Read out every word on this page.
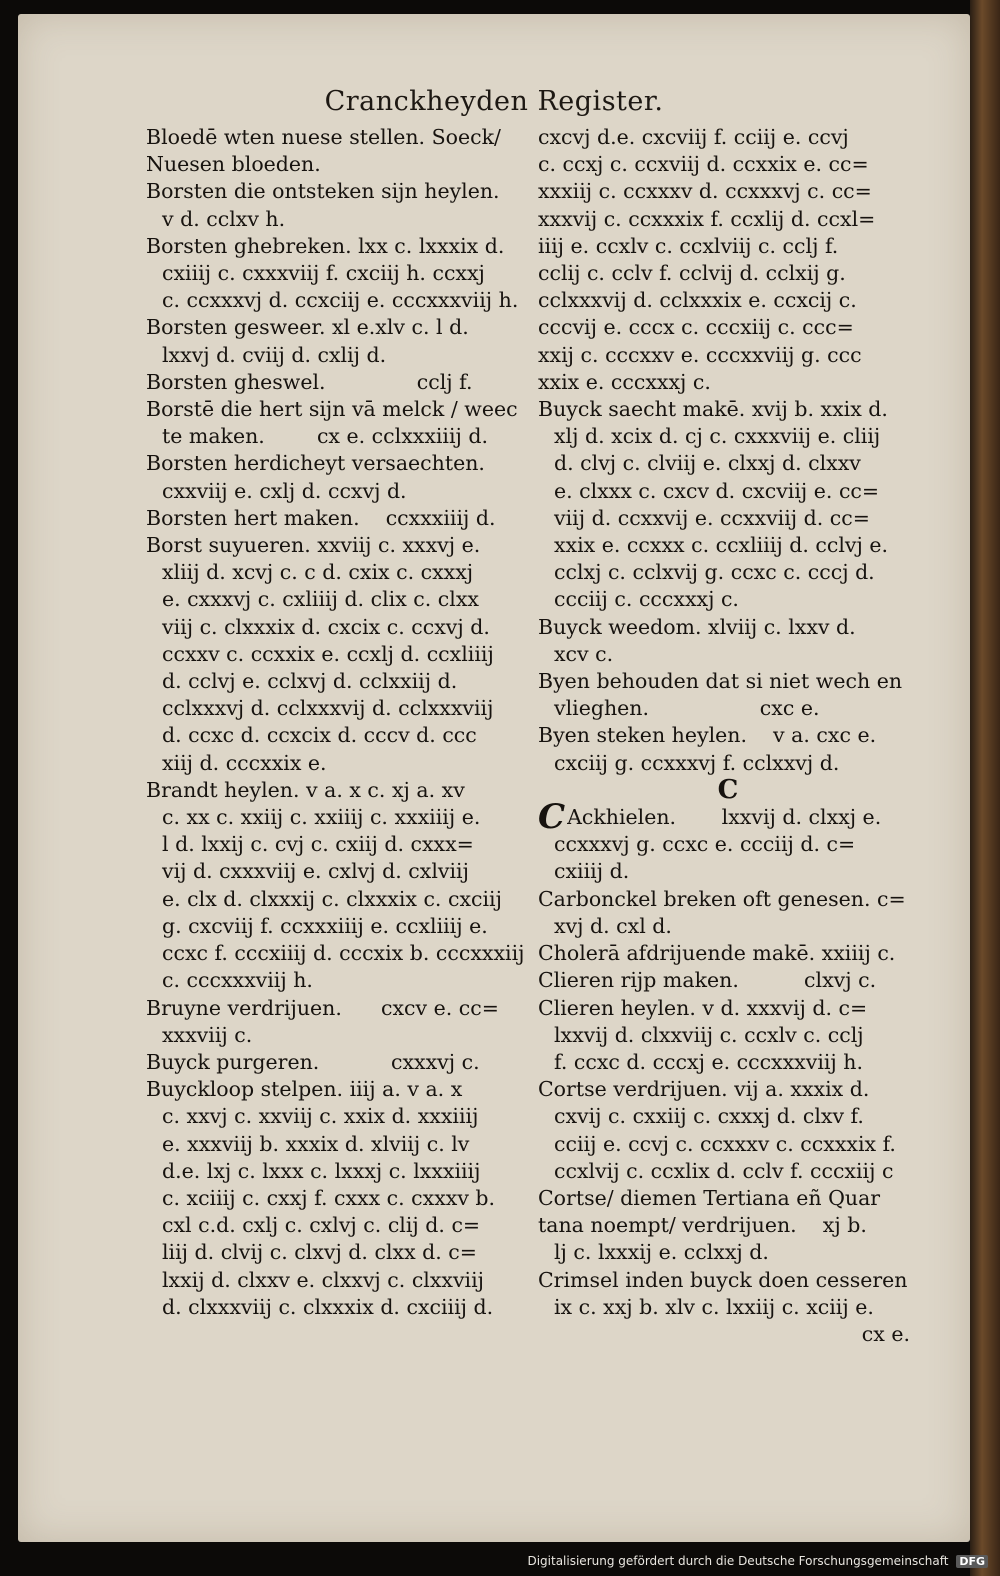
Cranckheyden Register.
Bloedē wten nuese stellen. Soeck/
Nuesen bloeden.
Borsten die ontsteken sijn heylen.
v d. cclxv h.
Borsten ghebreken. lxx c. lxxxix d.
cxiiij c. cxxxviij f. cxciij h. ccxxj
c. ccxxxvj d. ccxciij e. cccxxxviij h.
Borsten gesweer. xl e.xlv c. l d.
lxxvj d. cviij d. cxlij d.
Borsten gheswel.              cclj f.
Borstē die hert sijn vā melck / weec
te maken.        cx e. cclxxxiiij d.
Borsten herdicheyt versaechten.
cxxviij e. cxlj d. ccxvj d.
Borsten hert maken.    ccxxxiiij d.
Borst suyueren. xxviij c. xxxvj e.
xliij d. xcvj c. c d. cxix c. cxxxj
e. cxxxvj c. cxliiij d. clix c. clxx
viij c. clxxxix d. cxcix c. ccxvj d.
ccxxv c. ccxxix e. ccxlj d. ccxliiij
d. cclvj e. cclxvj d. cclxxiij d.
cclxxxvj d. cclxxxvij d. cclxxxviij
d. ccxc d. ccxcix d. cccv d. ccc
xiij d. cccxxix e.
Brandt heylen. v a. x c. xj a. xv
c. xx c. xxiij c. xxiiij c. xxxiiij e.
l d. lxxij c. cvj c. cxiij d. cxxx=
vij d. cxxxviij e. cxlvj d. cxlviij
e. clx d. clxxxij c. clxxxix c. cxciij
g. cxcviij f. ccxxxiiij e. ccxliiij e.
ccxc f. cccxiiij d. cccxix b. cccxxxiij
c. cccxxxviij h.
Bruyne verdrijuen.      cxcv e. cc=
xxxviij c.
Buyck purgeren.           cxxxvj c.
Buyckloop stelpen. iiij a. v a. x
c. xxvj c. xxviij c. xxix d. xxxiiij
e. xxxviij b. xxxix d. xlviij c. lv
d.e. lxj c. lxxx c. lxxxj c. lxxxiiij
c. xciiij c. cxxj f. cxxx c. cxxxv b.
cxl c.d. cxlj c. cxlvj c. clij d. c=
liij d. clvij c. clxvj d. clxx d. c=
lxxij d. clxxv e. clxxvj c. clxxviij
d. clxxxviij c. clxxxix d. cxciiij d.
cxcvj d.e. cxcviij f. cciij e. ccvj
c. ccxj c. ccxviij d. ccxxix e. cc=
xxxiij c. ccxxxv d. ccxxxvj c. cc=
xxxvij c. ccxxxix f. ccxlij d. ccxl=
iiij e. ccxlv c. ccxlviij c. cclj f.
cclij c. cclv f. cclvij d. cclxij g.
cclxxxvij d. cclxxxix e. ccxcij c.
cccvij e. cccx c. cccxiij c. ccc=
xxij c. cccxxv e. cccxxviij g. ccc
xxix e. cccxxxj c.
Buyck saecht makē. xvij b. xxix d.
xlj d. xcix d. cj c. cxxxviij e. cliij
d. clvj c. clviij e. clxxj d. clxxv
e. clxxx c. cxcv d. cxcviij e. cc=
viij d. ccxxvij e. ccxxviij d. cc=
xxix e. ccxxx c. ccxliiij d. cclvj e.
cclxj c. cclxvij g. ccxc c. cccj d.
ccciij c. cccxxxj c.
Buyck weedom. xlviij c. lxxv d.
xcv c.
Byen behouden dat si niet wech en
vlieghen.                 cxc e.
Byen steken heylen.    v a. cxc e.
cxciij g. ccxxxvj f. cclxxvj d.
C
CAckhielen.       lxxvij d. clxxj e.
ccxxxvj g. ccxc e. ccciij d. c=
cxiiij d.
Carbonckel breken oft genesen. c=
xvj d. cxl d.
Cholerā afdrijuende makē. xxiiij c.
Clieren rijp maken.          clxvj c.
Clieren heylen. v d. xxxvij d. c=
lxxvij d. clxxviij c. ccxlv c. cclj
f. ccxc d. cccxj e. cccxxxviij h.
Cortse verdrijuen. vij a. xxxix d.
cxvij c. cxxiij c. cxxxj d. clxv f.
cciij e. ccvj c. ccxxxv c. ccxxxix f.
ccxlvij c. ccxlix d. cclv f. cccxiij c
Cortse/ diemen Tertiana eñ Quar
tana noempt/ verdrijuen.    xj b.
lj c. lxxxij e. cclxxj d.
Crimsel inden buyck doen cesseren
ix c. xxj b. xlv c. lxxiij c. xciij e.
cx e.
Digitalisierung gefördert durch die Deutsche Forschungsgemeinschaft DFG
